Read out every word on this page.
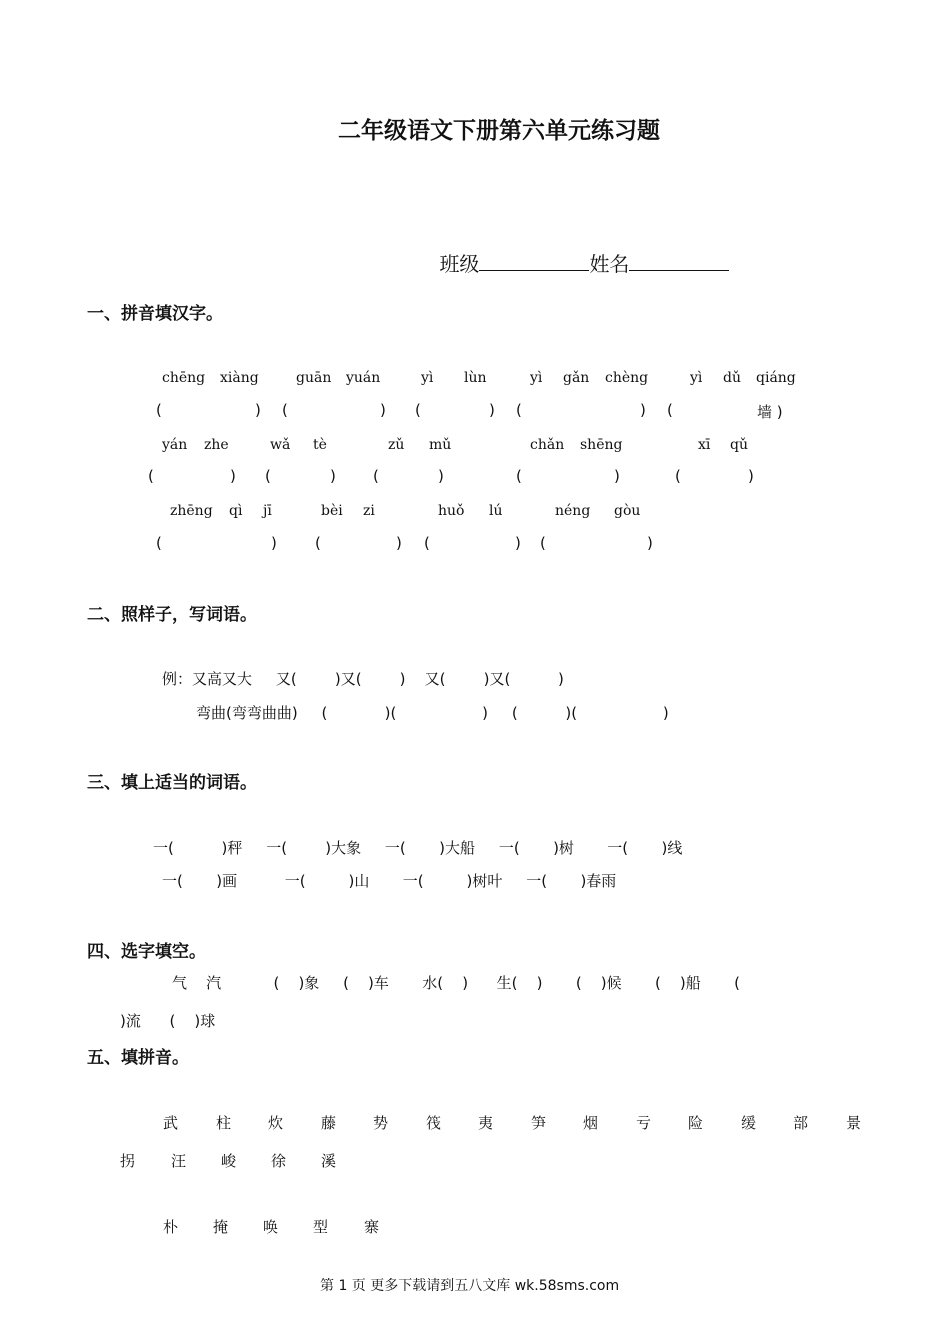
二年级语文下册第六单元练习题

班级	姓名

一、拼音填汉字。
chēng xiàng	guān yuán	yì lùn	yì gǎn chèng	yì dǔ qiáng
(	) (	) (	) (	) (	墙 )
yán zhe	wǎ tè	zǔ mǔ	chǎn shēng	xī qǔ
(	) (	) (	)	(	)	(	)
zhēng qì jī	bèi zi	huǒ lú	néng gòu
(	)	(	) (	) (	)
二、照样子，写词语。
例：又高又大     又(        )又(        )    又(        )又(          )
弯曲(弯弯曲曲)     (            )(                  )     (          )(                  )
三、填上适当的词语。
一(          )秤     一(        )大象     一(       )大船     一(       )树       一(       )线
一(       )画          一(         )山       一(         )树叶     一(       )春雨
四、选字填空。
气    汽           (    )象     (    )车       水(    )      生(    )       (    )候       (    )船       (
)流      (    )球
五、填拼音。
武	柱 炊	藤 势	筏 夷	笋 烟	亏 险	缓 部	景
拐 汪 峻 徐 溪
朴 掩 唤 型 寨
第 1 页 更多下载请到五八文库 wk.58sms.com
